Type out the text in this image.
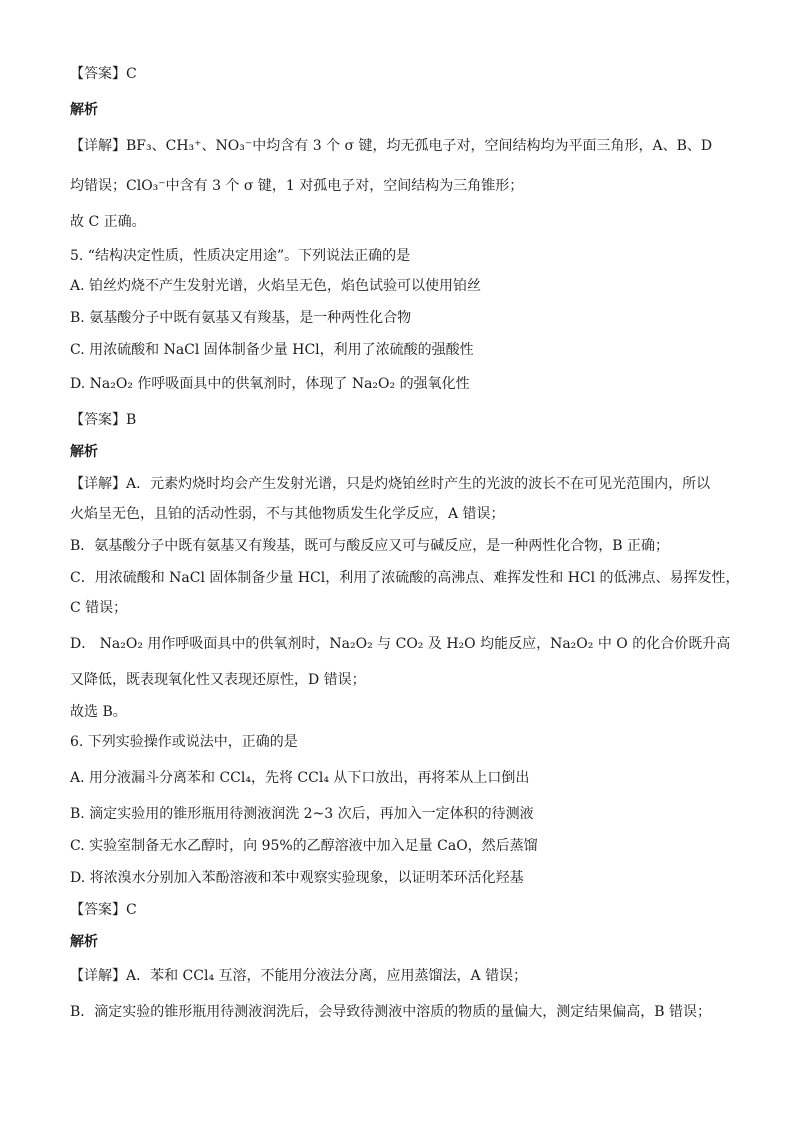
【答案】C
解析
【详解】BF₃、CH₃⁺、NO₃⁻中均含有 3 个 σ 键，均无孤电子对，空间结构均为平面三角形，A、B、D
均错误；ClO₃⁻中含有 3 个 σ 键，1 对孤电子对，空间结构为三角锥形；
故 C 正确。
5. “结构决定性质，性质决定用途”。下列说法正确的是
A. 铂丝灼烧不产生发射光谱，火焰呈无色，焰色试验可以使用铂丝
B. 氨基酸分子中既有氨基又有羧基，是一种两性化合物
C. 用浓硫酸和 NaCl 固体制备少量 HCl，利用了浓硫酸的强酸性
D. Na₂O₂ 作呼吸面具中的供氧剂时，体现了 Na₂O₂ 的强氧化性
【答案】B
解析
【详解】A．元素灼烧时均会产生发射光谱，只是灼烧铂丝时产生的光波的波长不在可见光范围内，所以
火焰呈无色，且铂的活动性弱，不与其他物质发生化学反应，A 错误；
B．氨基酸分子中既有氨基又有羧基，既可与酸反应又可与碱反应，是一种两性化合物，B 正确；
C．用浓硫酸和 NaCl 固体制备少量 HCl，利用了浓硫酸的高沸点、难挥发性和 HCl 的低沸点、易挥发性，
C 错误；
D． Na₂O₂ 用作呼吸面具中的供氧剂时，Na₂O₂ 与 CO₂ 及 H₂O 均能反应，Na₂O₂ 中 O 的化合价既升高
又降低，既表现氧化性又表现还原性，D 错误；
故选 B。
6. 下列实验操作或说法中，正确的是
A. 用分液漏斗分离苯和 CCl₄，先将 CCl₄ 从下口放出，再将苯从上口倒出
B. 滴定实验用的锥形瓶用待测液润洗 2~3 次后，再加入一定体积的待测液
C. 实验室制备无水乙醇时，向 95%的乙醇溶液中加入足量 CaO，然后蒸馏
D. 将浓溴水分别加入苯酚溶液和苯中观察实验现象，以证明苯环活化羟基
【答案】C
解析
【详解】A．苯和 CCl₄ 互溶，不能用分液法分离，应用蒸馏法，A 错误；
B．滴定实验的锥形瓶用待测液润洗后，会导致待测液中溶质的物质的量偏大，测定结果偏高，B 错误；
